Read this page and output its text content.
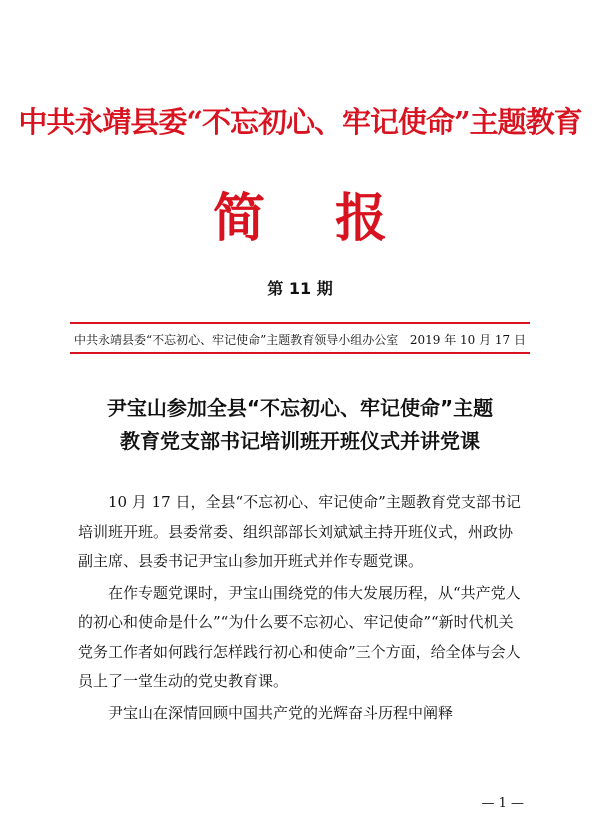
中共永靖县委“不忘初心、牢记使命”主题教育
简报
第 11 期
中共永靖县委“不忘初心、牢记使命”主题教育领导小组办公室 2019 年 10 月 17 日
尹宝山参加全县“不忘初心、牢记使命”主题
教育党支部书记培训班开班仪式并讲党课

10 月 17 日，全县“不忘初心、牢记使命”主题教育党支部书记培训班开班。县委常委、组织部部长刘斌斌主持开班仪式，州政协副主席、县委书记尹宝山参加开班式并作专题党课。

在作专题党课时，尹宝山围绕党的伟大发展历程，从“共产党人的初心和使命是什么”“为什么要不忘初心、牢记使命”“新时代机关党务工作者如何践行怎样践行初心和使命”三个方面，给全体与会人员上了一堂生动的党史教育课。

尹宝山在深情回顾中国共产党的光辉奋斗历程中阐释

— 1 —
